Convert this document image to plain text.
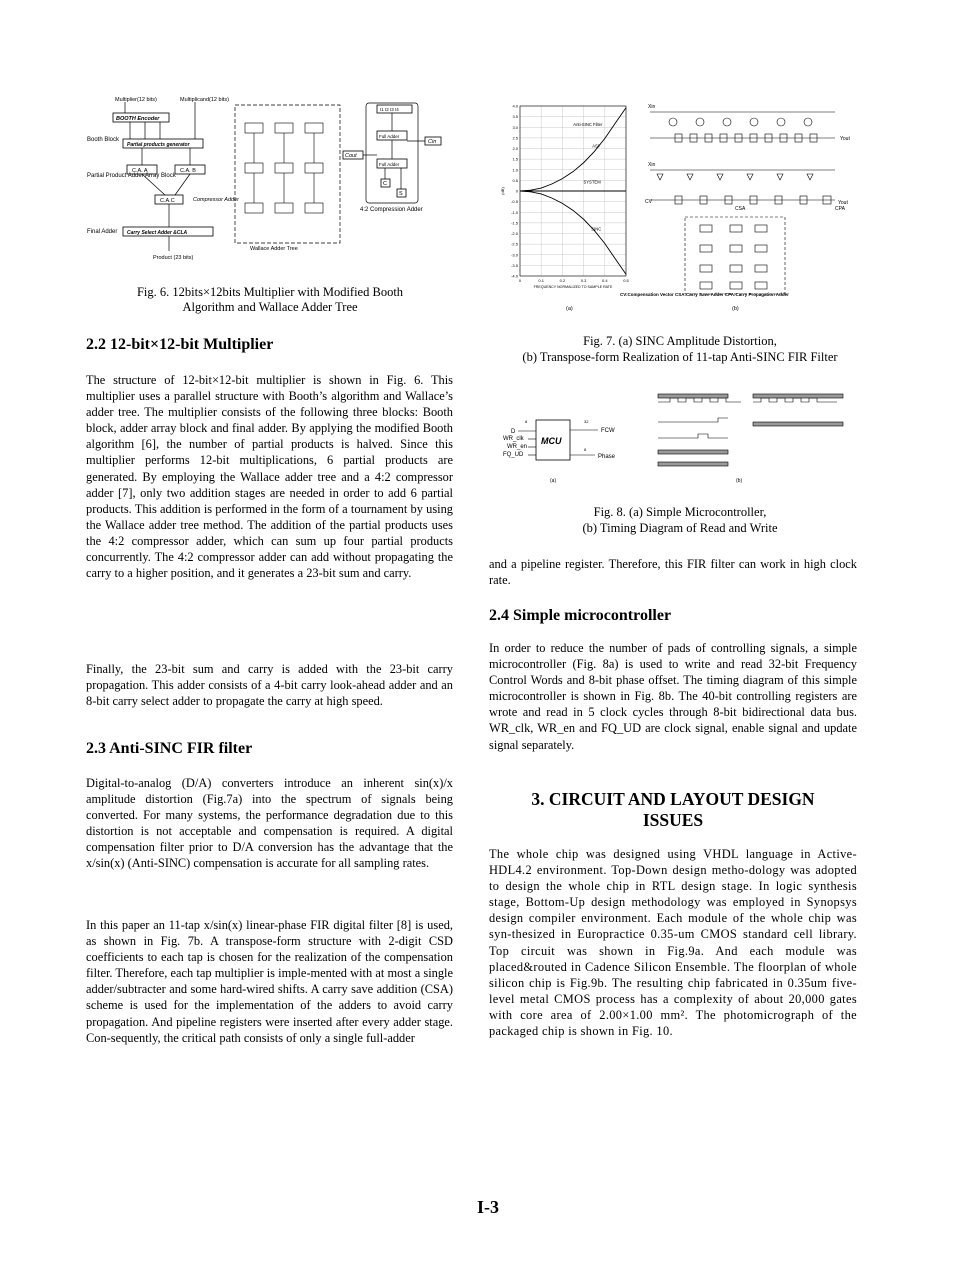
Multiplier(12 bits)	Multiplicand(12 bits)
BOOTH Encoder
Booth Block
Partial products generator
C.A. A	C.A. B
Partial Product Adder Array Block
C.A.C	Compressor Adder
Final Adder Carry Select Adder &CLA
Product (23 bits)
Wallace Adder Tree
4:2 Compression Adder
I1 I2 I3 I4
Full Adder
Full Adder
Cout
Cin
C
S
Fig. 6. 12bits×12bits Multiplier with Modified Booth Algorithm and Wallace Adder Tree
2.2 12-bit×12-bit Multiplier
The structure of 12-bit×12-bit multiplier is shown in Fig. 6. This multiplier uses a parallel structure with Booth’s algorithm and Wallace’s adder tree. The multiplier consists of the following three blocks: Booth block, adder array block and final adder. By applying the modified Booth algorithm [6], the number of partial products is halved. Since this multiplier performs 12-bit multiplications, 6 partial products are generated. By employing the Wallace adder tree and a 4:2 compressor adder [7], only two addition stages are needed in order to add 6 partial products. This addition is performed in the form of a tournament by using the Wallace adder tree method. The addition of the partial products uses the 4:2 compressor adder, which can sum up four partial products concurrently. The 4:2 compressor adder can add without propagating the carry to a higher position, and it generates a 23-bit sum and carry.
Finally, the 23-bit sum and carry is added with the 23-bit carry propagation. This adder consists of a 4-bit carry look-ahead adder and an 8-bit carry select adder to propagate the carry at high speed.
2.3 Anti-SINC FIR filter
Digital-to-analog (D/A) converters introduce an inherent sin(x)/x amplitude distortion (Fig.7a) into the spectrum of signals being converted. For many systems, the performance degradation due to this distortion is not acceptable and compensation is required. A digital compensation filter prior to D/A conversion has the advantage that the x/sin(x) (Anti-SINC) compensation is accurate for all sampling rates.
In this paper an 11-tap x/sin(x) linear-phase FIR digital filter [8] is used, as shown in Fig. 7b. A transpose-form structure with 2-digit CSD coefficients to each tap is chosen for the realization of the compensation filter. Therefore, each tap multiplier is imple-mented with at most a single adder/subtracter and some hard-wired shifts. A carry save addition (CSA) scheme is used for the implementation of the adders to avoid carry propagation. And pipeline registers were inserted after every adder stage. Con-sequently, the critical path consists of only a single full-adder
4.0
3.5
3.0
2.5
2.0
1.5
1.0
0.5
0
-0.5
-1.0
-1.5
-2.0
-2.5
-3.0
-3.5
-4.0
0	0.1	0.2	0.3	0.4	0.5
(dB)
FREQUENCY NORMALIZED TO SAMPLE RATE
Anti-SINC Filter
ASF
SYSTEM
SINC
Xin
Yout
Xin
CV
CSA	CPA
Yout
CV:Compensation Vector CSA:Carry Save Adder CPA:Carry Propagation Adder
(a)	(b)
Fig. 7. (a) SINC Amplitude Distortion,
(b) Transpose-form Realization of 11-tap Anti-SINC FIR Filter
MCU
D
WR_clk
WR_en
FQ_UD
FCW
Phase
8	32
8
(a)	(b)
Fig. 8. (a) Simple Microcontroller,
(b) Timing Diagram of Read and Write
and a pipeline register. Therefore, this FIR filter can work in high clock rate.
2.4 Simple microcontroller
In order to reduce the number of pads of controlling signals, a simple microcontroller (Fig. 8a) is used to write and read 32-bit Frequency Control Words and 8-bit phase offset. The timing diagram of this simple microcontroller is shown in Fig. 8b. The 40-bit controlling registers are wrote and read in 5 clock cycles through 8-bit bidirectional data bus. WR_clk, WR_en and FQ_UD are clock signal, enable signal and update signal separately.
3. CIRCUIT AND LAYOUT DESIGN
ISSUES
The whole chip was designed using VHDL language in Active-HDL4.2 environment. Top-Down design metho-dology was adopted to design the whole chip in RTL design stage. In logic synthesis stage, Bottom-Up design methodology was employed in Synopsys design compiler environment. Each module of the whole chip was syn-thesized in Europractice 0.35-um CMOS standard cell library. Top circuit was shown in Fig.9a. And each module was placed&routed in Cadence Silicon Ensemble. The floorplan of whole silicon chip is Fig.9b. The resulting chip fabricated in 0.35um five-level metal CMOS process has a complexity of about 20,000 gates with core area of 2.00×1.00 mm². The photomicrograph of the packaged chip is shown in Fig. 10.
I-3
